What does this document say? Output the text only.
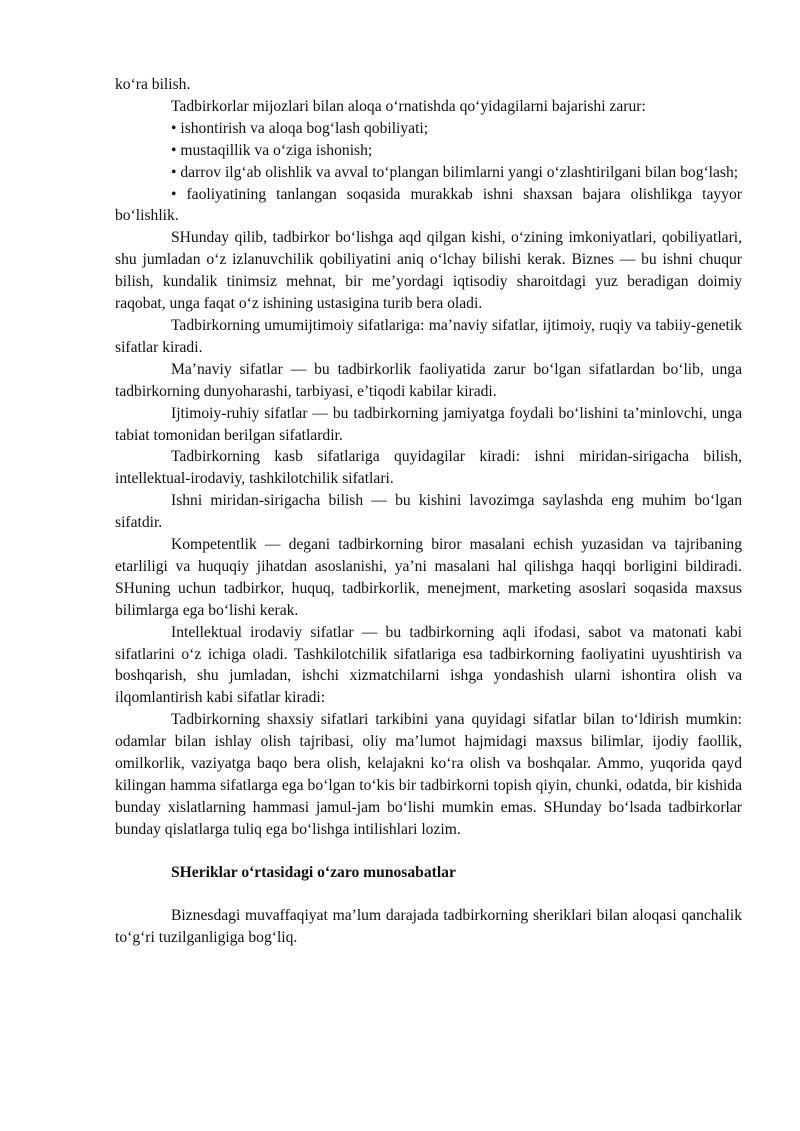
ko‘ra bilish.

Tadbirkorlar mijozlari bilan aloqa o‘rnatishda qo‘yidagilarni bajarishi zarur:

• ishontirish va aloqa bog‘lash qobiliyati;

• mustaqillik va o‘ziga ishonish;

• darrov ilg‘ab olishlik va avval to‘plangan bilimlarni yangi o‘zlashtirilgani bilan bog‘lash;

• faoliyatining tanlangan soqasida murakkab ishni shaxsan bajara olishlikga tayyor bo‘lishlik.

SHunday qilib, tadbirkor bo‘lishga aqd qilgan kishi, o‘zining imkoniyatlari, qobiliyatlari, shu jumladan o‘z izlanuvchilik qobiliyatini aniq o‘lchay bilishi kerak. Biznes — bu ishni chuqur bilish, kundalik tinimsiz mehnat, bir me’yordagi iqtisodiy sharoitdagi yuz beradigan doimiy raqobat, unga faqat o‘z ishining ustasigina turib bera oladi.

Tadbirkorning umumijtimoiy sifatlariga: ma’naviy sifatlar, ijtimoiy, ruqiy va tabiiy-genetik sifatlar kiradi.

Ma’naviy sifatlar — bu tadbirkorlik faoliyatida zarur bo‘lgan sifatlardan bo‘lib, unga tadbirkorning dunyoharashi, tarbiyasi, e’tiqodi kabilar kiradi.

Ijtimoiy-ruhiy sifatlar — bu tadbirkorning jamiyatga foydali bo‘lishini ta’minlovchi, unga tabiat tomonidan berilgan sifatlardir.

Tadbirkorning kasb sifatlariga quyidagilar kiradi: ishni miridan-sirigacha bilish, intellektual-irodaviy, tashkilotchilik sifatlari.

Ishni miridan-sirigacha bilish — bu kishini lavozimga saylashda eng muhim bo‘lgan sifatdir.

Kompetentlik — degani tadbirkorning biror masalani echish yuzasidan va tajribaning etarliligi va huquqiy jihatdan asoslanishi, ya’ni masalani hal qilishga haqqi borligini bildiradi. SHuning uchun tadbirkor, huquq, tadbirkorlik, menejment, marketing asoslari soqasida maxsus bilimlarga ega bo‘lishi kerak.

Intellektual irodaviy sifatlar — bu tadbirkorning aqli ifodasi, sabot va matonati kabi sifatlarini o‘z ichiga oladi. Tashkilotchilik sifatlariga esa tadbirkorning faoliyatini uyushtirish va boshqarish, shu jumladan, ishchi xizmatchilarni ishga yondashish ularni ishontira olish va ilqomlantirish kabi sifatlar kiradi:

Tadbirkorning shaxsiy sifatlari tarkibini yana quyidagi sifatlar bilan to‘ldirish mumkin: odamlar bilan ishlay olish tajribasi, oliy ma’lumot hajmidagi maxsus bilimlar, ijodiy faollik, omilkorlik, vaziyatga baqo bera olish, kelajakni ko‘ra olish va boshqalar. Ammo, yuqorida qayd kilingan hamma sifatlarga ega bo‘lgan to‘kis bir tadbirkorni topish qiyin, chunki, odatda, bir kishida bunday xislatlarning hammasi jamul-jam bo‘lishi mumkin emas. SHunday bo‘lsada tadbirkorlar bunday qislatlarga tuliq ega bo‘lishga intilishlari lozim.

SHeriklar o‘rtasidagi o‘zaro munosabatlar

Biznesdagi muvaffaqiyat ma’lum darajada tadbirkorning sheriklari bilan aloqasi qanchalik to‘g‘ri tuzilganligiga bog‘liq.
